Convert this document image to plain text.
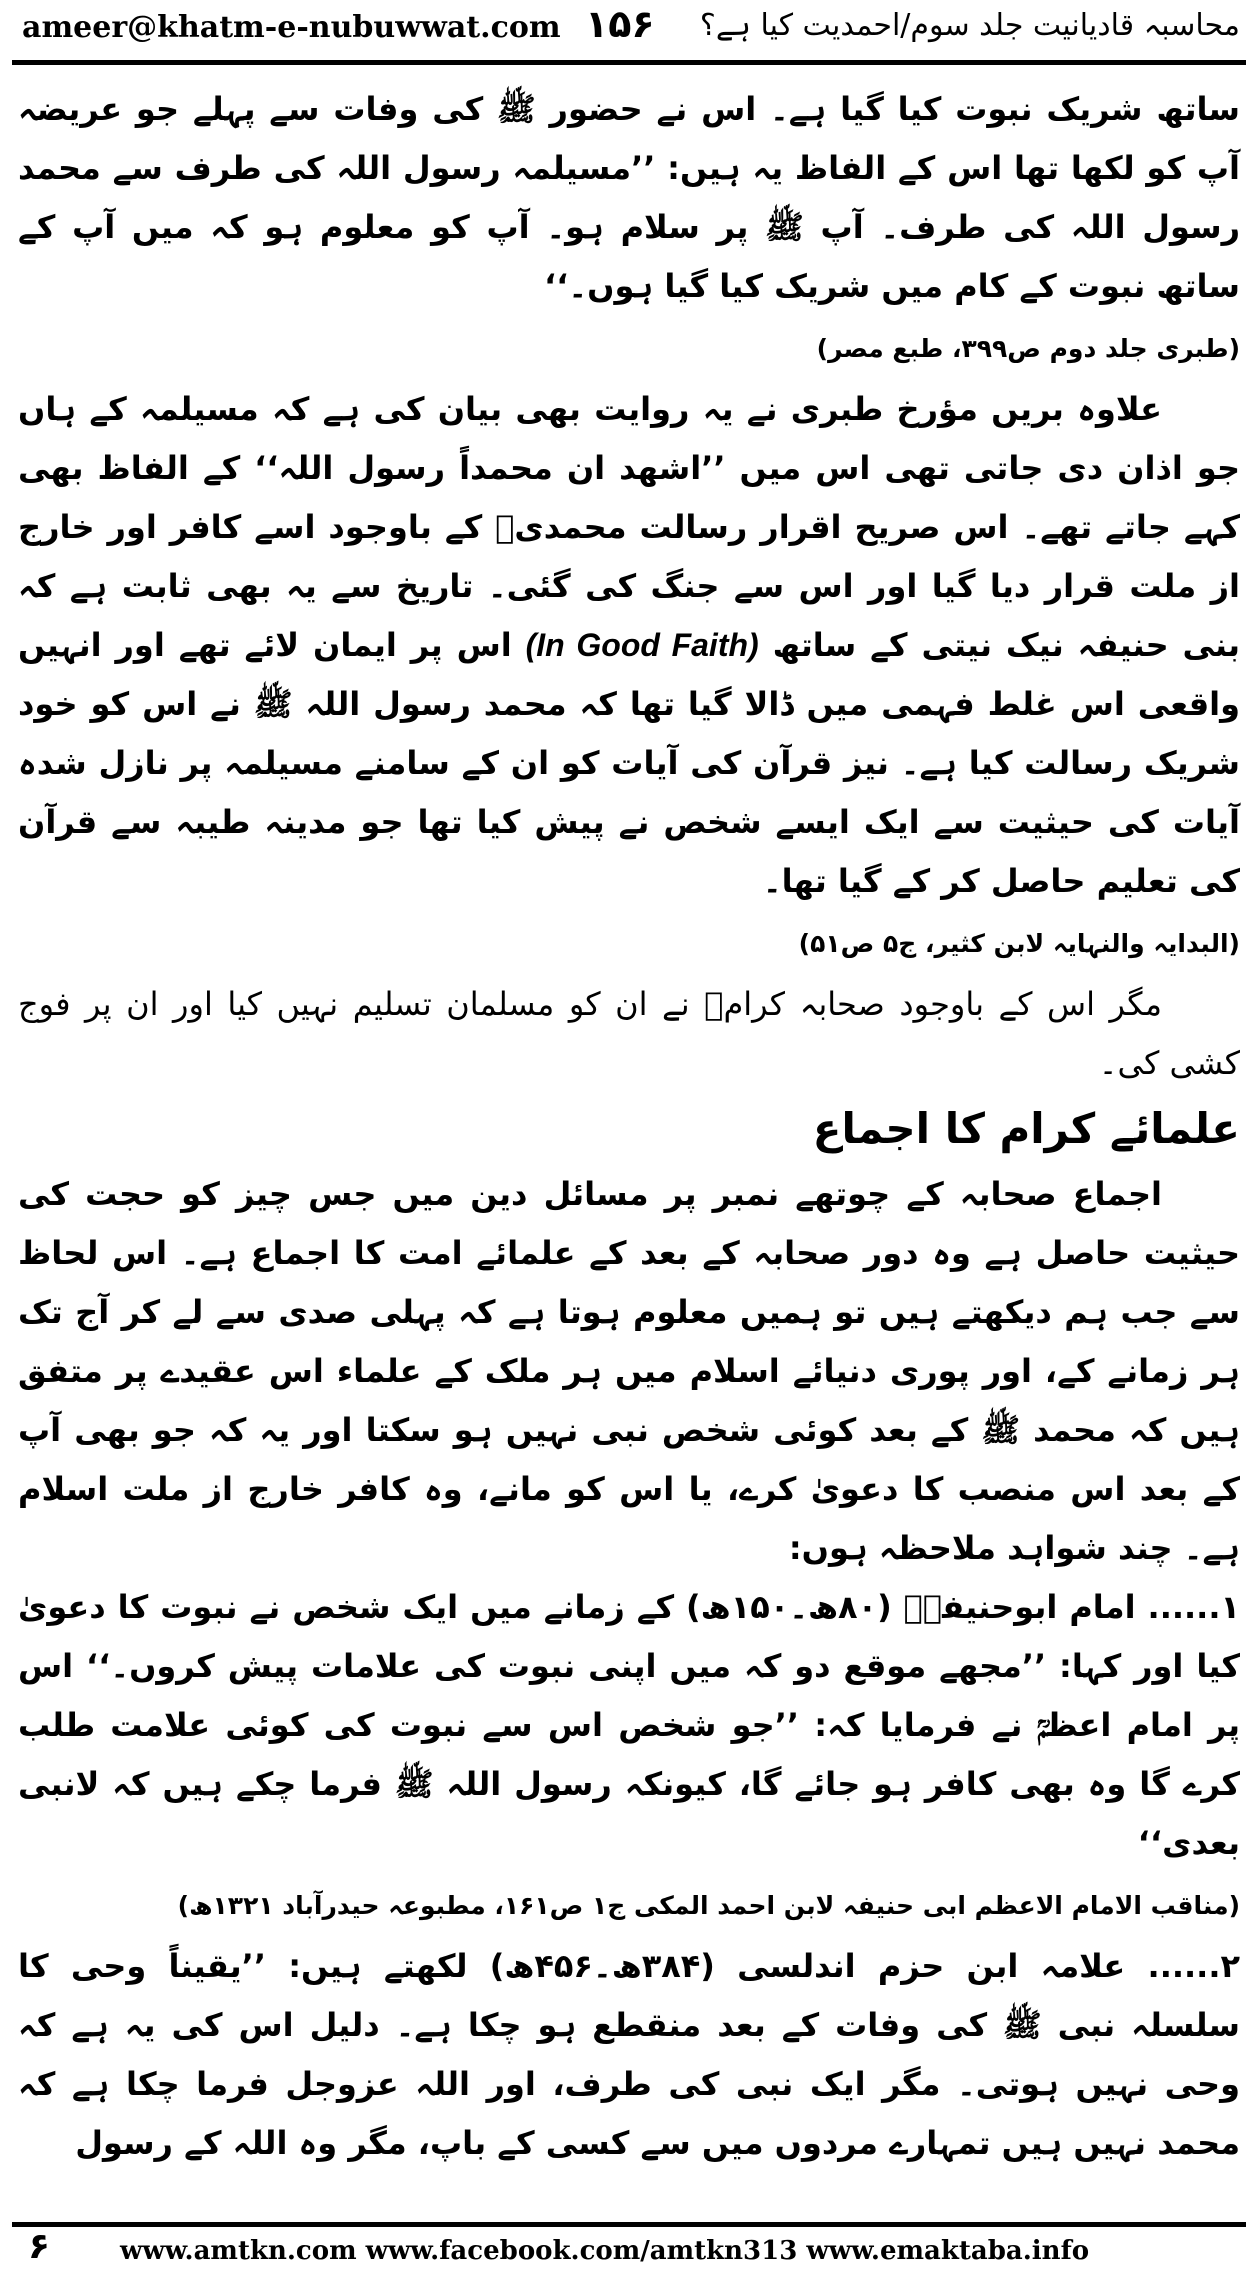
ameer@khatm-e-nubuwwat.com ۱۵۶ محاسبہ قادیانیت جلد سوم/احمدیت کیا ہے؟

ساتھ شریک نبوت کیا گیا ہے۔ اس نے حضور ﷺ کی وفات سے پہلے جو عریضہ آپ کو لکھا تھا اس کے الفاظ یہ ہیں: ’’مسیلمہ رسول اللہ کی طرف سے محمد رسول اللہ کی طرف۔ آپ ﷺ پر سلام ہو۔ آپ کو معلوم ہو کہ میں آپ کے ساتھ نبوت کے کام میں شریک کیا گیا ہوں۔‘‘

(طبری جلد دوم ص۳۹۹، طبع مصر)

علاوہ بریں مؤرخ طبری نے یہ روایت بھی بیان کی ہے کہ مسیلمہ کے ہاں جو اذان دی جاتی تھی اس میں ’’اشھد ان محمداً رسول اللہ‘‘ کے الفاظ بھی کہے جاتے تھے۔ اس صریح اقرار رسالت محمدیؐ کے باوجود اسے کافر اور خارج از ملت قرار دیا گیا اور اس سے جنگ کی گئی۔ تاریخ سے یہ بھی ثابت ہے کہ بنی حنیفہ نیک نیتی کے ساتھ (In Good Faith) اس پر ایمان لائے تھے اور انہیں واقعی اس غلط فہمی میں ڈالا گیا تھا کہ محمد رسول اللہ ﷺ نے اس کو خود شریک رسالت کیا ہے۔ نیز قرآن کی آیات کو ان کے سامنے مسیلمہ پر نازل شدہ آیات کی حیثیت سے ایک ایسے شخص نے پیش کیا تھا جو مدینہ طیبہ سے قرآن کی تعلیم حاصل کر کے گیا تھا۔

(البدایہ والنہایہ لابن کثیر، ج۵ ص۵۱)

مگر اس کے باوجود صحابہ کرامؓ نے ان کو مسلمان تسلیم نہیں کیا اور ان پر فوج کشی کی۔

علمائے کرام کا اجماع

اجماع صحابہ کے چوتھے نمبر پر مسائل دین میں جس چیز کو حجت کی حیثیت حاصل ہے وہ دور صحابہ کے بعد کے علمائے امت کا اجماع ہے۔ اس لحاظ سے جب ہم دیکھتے ہیں تو ہمیں معلوم ہوتا ہے کہ پہلی صدی سے لے کر آج تک ہر زمانے کے، اور پوری دنیائے اسلام میں ہر ملک کے علماء اس عقیدے پر متفق ہیں کہ محمد ﷺ کے بعد کوئی شخص نبی نہیں ہو سکتا اور یہ کہ جو بھی آپ کے بعد اس منصب کا دعویٰ کرے، یا اس کو مانے، وہ کافر خارج از ملت اسلام ہے۔ چند شواہد ملاحظہ ہوں:

۱...... امام ابوحنیفہؒ (۸۰ھ۔۱۵۰ھ) کے زمانے میں ایک شخص نے نبوت کا دعویٰ کیا اور کہا: ’’مجھے موقع دو کہ میں اپنی نبوت کی علامات پیش کروں۔‘‘ اس پر امام اعظمؒ نے فرمایا کہ: ’’جو شخص اس سے نبوت کی کوئی علامت طلب کرے گا وہ بھی کافر ہو جائے گا، کیونکہ رسول اللہ ﷺ فرما چکے ہیں کہ لانبی بعدی‘‘

(مناقب الامام الاعظم ابی حنیفہ لابن احمد المکی ج۱ ص۱۶۱، مطبوعہ حیدرآباد ۱۳۲۱ھ)

۲...... علامہ ابن حزم اندلسی (۳۸۴ھ۔۴۵۶ھ) لکھتے ہیں: ’’یقیناً وحی کا سلسلہ نبی ﷺ کی وفات کے بعد منقطع ہو چکا ہے۔ دلیل اس کی یہ ہے کہ وحی نہیں ہوتی۔ مگر ایک نبی کی طرف، اور اللہ عزوجل فرما چکا ہے کہ محمد نہیں ہیں تمہارے مردوں میں سے کسی کے باپ، مگر وہ اللہ کے رسول

۶	www.amtkn.com www.facebook.com/amtkn313 www.emaktaba.info
